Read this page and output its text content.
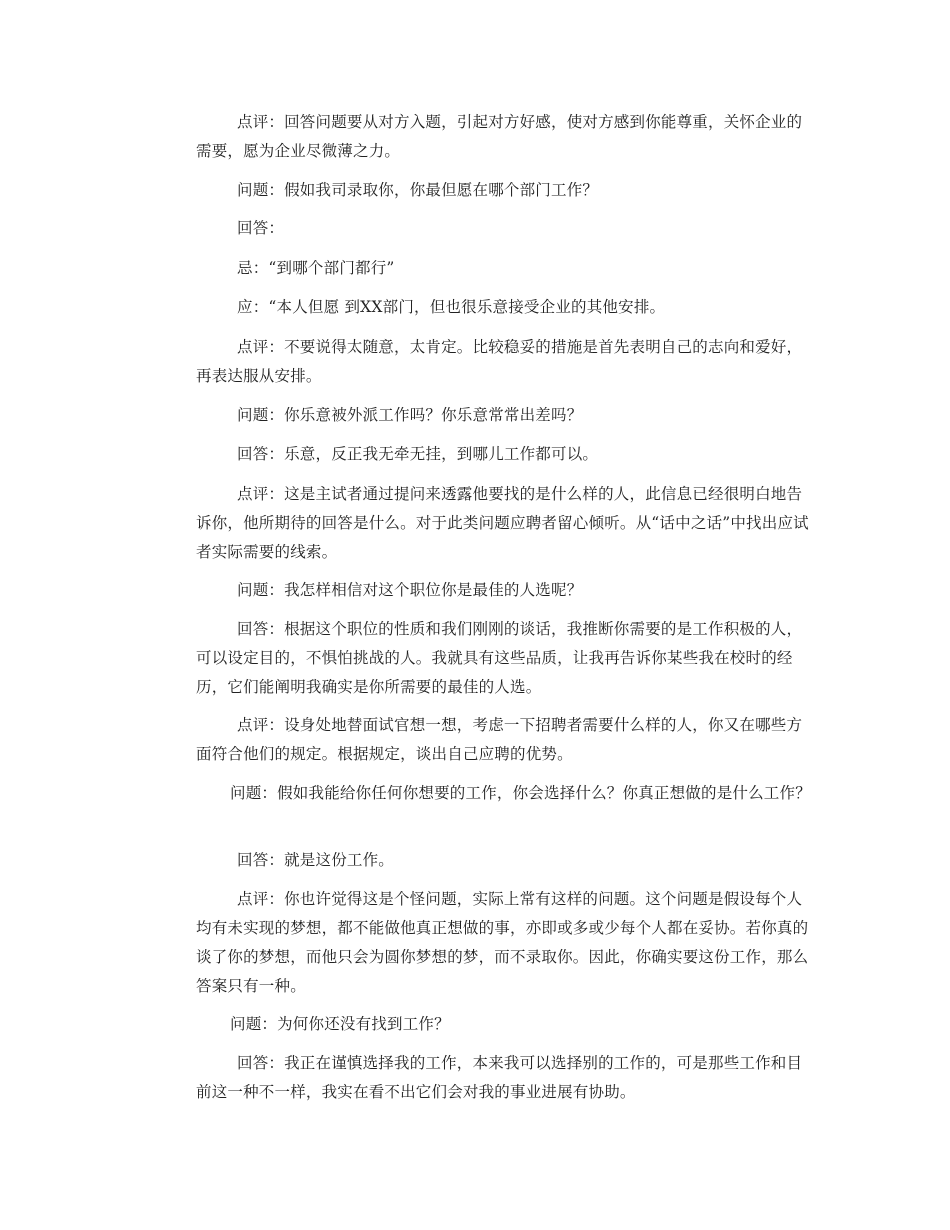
点评：回答问题要从对方入题，引起对方好感，使对方感到你能尊重，关怀企业的需要，愿为企业尽微薄之力。

问题：假如我司录取你，你最但愿在哪个部门工作？

回答：

忌：“到哪个部门都行”

应：“本人但愿 到XX部门，但也很乐意接受企业的其他安排。

点评：不要说得太随意，太肯定。比较稳妥的措施是首先表明自己的志向和爱好，再表达服从安排。

问题：你乐意被外派工作吗？你乐意常常出差吗？

回答：乐意，反正我无牵无挂，到哪儿工作都可以。

点评：这是主试者通过提问来透露他要找的是什么样的人，此信息已经很明白地告诉你，他所期待的回答是什么。对于此类问题应聘者留心倾听。从“话中之话”中找出应试者实际需要的线索。

问题：我怎样相信对这个职位你是最佳的人选呢？

回答：根据这个职位的性质和我们刚刚的谈话，我推断你需要的是工作积极的人，可以设定目的，不惧怕挑战的人。我就具有这些品质，让我再告诉你某些我在校时的经历，它们能阐明我确实是你所需要的最佳的人选。

点评：设身处地替面试官想一想，考虑一下招聘者需要什么样的人，你又在哪些方面符合他们的规定。根据规定，谈出自己应聘的优势。

问题：假如我能给你任何你想要的工作，你会选择什么？你真正想做的是什么工作？

回答：就是这份工作。

点评：你也许觉得这是个怪问题，实际上常有这样的问题。这个问题是假设每个人均有未实现的梦想，都不能做他真正想做的事，亦即或多或少每个人都在妥协。若你真的谈了你的梦想，而他只会为圆你梦想的梦，而不录取你。因此，你确实要这份工作，那么答案只有一种。

问题：为何你还没有找到工作？

回答：我正在谨慎选择我的工作，本来我可以选择别的工作的，可是那些工作和目前这一种不一样，我实在看不出它们会对我的事业进展有协助。
